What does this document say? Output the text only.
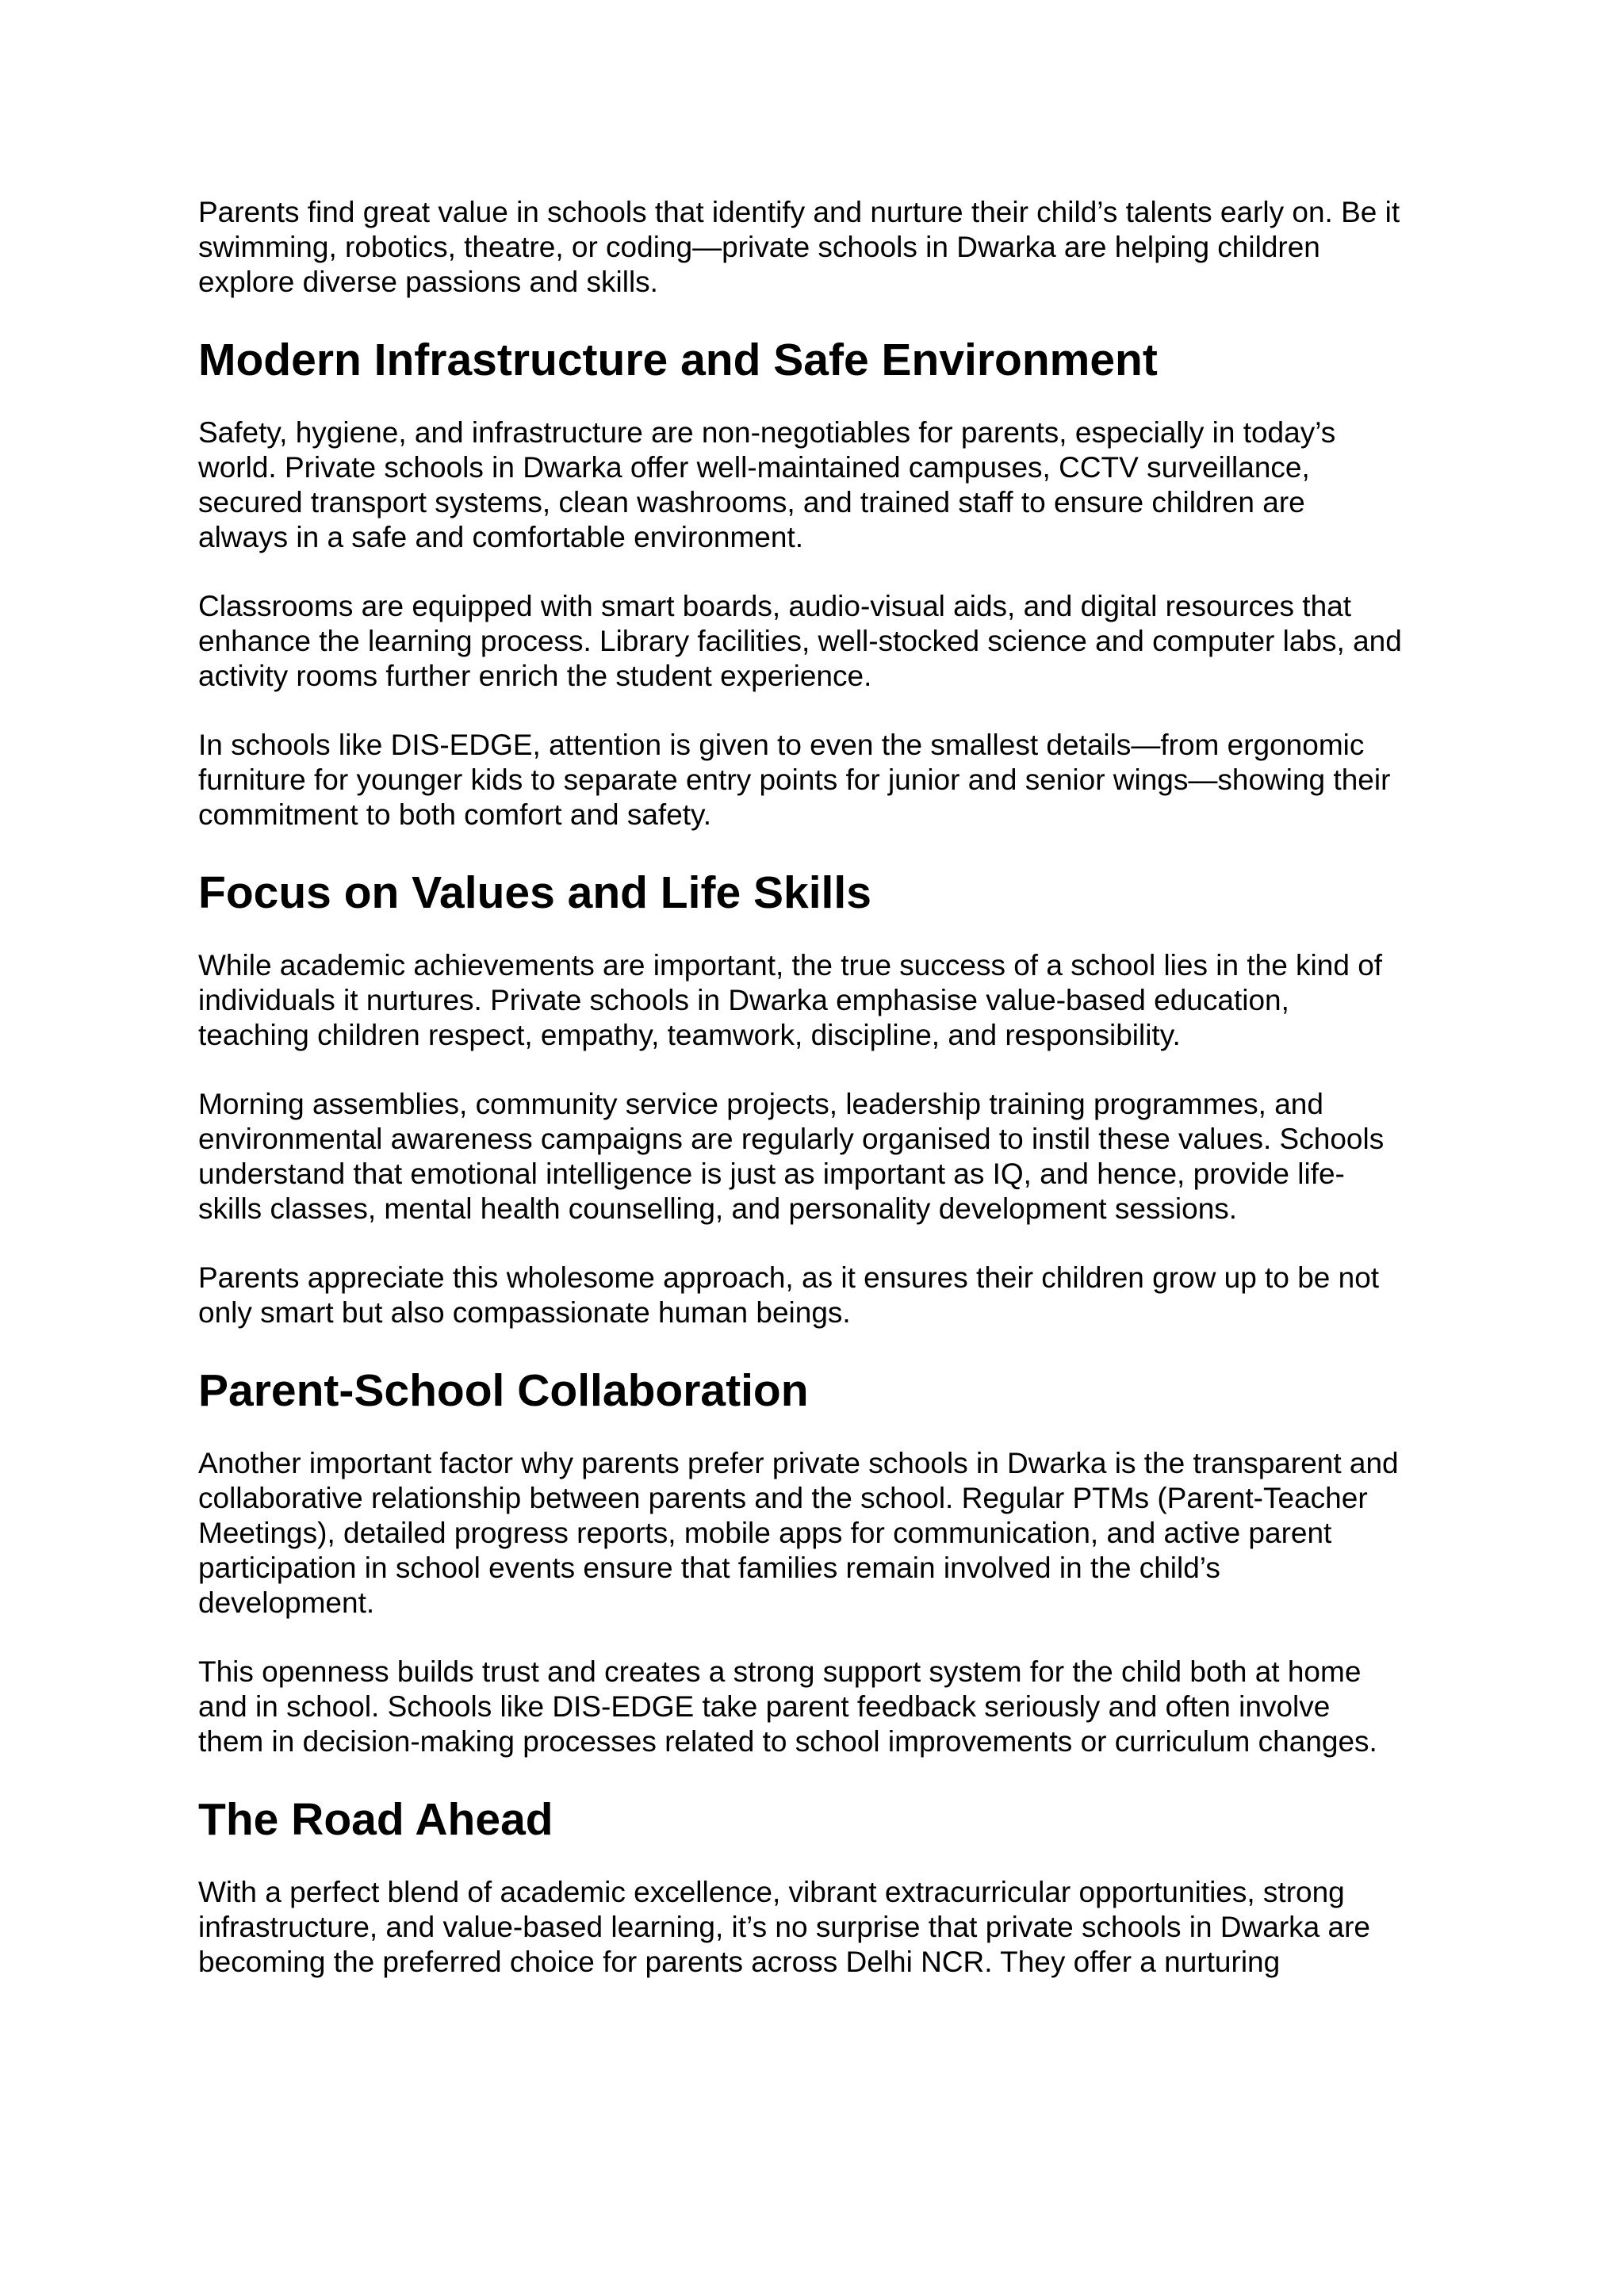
Parents find great value in schools that identify and nurture their child’s talents early on. Be it
swimming, robotics, theatre, or coding—private schools in Dwarka are helping children
explore diverse passions and skills.

Modern Infrastructure and Safe Environment

Safety, hygiene, and infrastructure are non-negotiables for parents, especially in today’s
world. Private schools in Dwarka offer well-maintained campuses, CCTV surveillance,
secured transport systems, clean washrooms, and trained staff to ensure children are
always in a safe and comfortable environment.

Classrooms are equipped with smart boards, audio-visual aids, and digital resources that
enhance the learning process. Library facilities, well-stocked science and computer labs, and
activity rooms further enrich the student experience.

In schools like DIS-EDGE, attention is given to even the smallest details—from ergonomic
furniture for younger kids to separate entry points for junior and senior wings—showing their
commitment to both comfort and safety.

Focus on Values and Life Skills

While academic achievements are important, the true success of a school lies in the kind of
individuals it nurtures. Private schools in Dwarka emphasise value-based education,
teaching children respect, empathy, teamwork, discipline, and responsibility.

Morning assemblies, community service projects, leadership training programmes, and
environmental awareness campaigns are regularly organised to instil these values. Schools
understand that emotional intelligence is just as important as IQ, and hence, provide life-
skills classes, mental health counselling, and personality development sessions.

Parents appreciate this wholesome approach, as it ensures their children grow up to be not
only smart but also compassionate human beings.

Parent-School Collaboration

Another important factor why parents prefer private schools in Dwarka is the transparent and
collaborative relationship between parents and the school. Regular PTMs (Parent-Teacher
Meetings), detailed progress reports, mobile apps for communication, and active parent
participation in school events ensure that families remain involved in the child’s
development.

This openness builds trust and creates a strong support system for the child both at home
and in school. Schools like DIS-EDGE take parent feedback seriously and often involve
them in decision-making processes related to school improvements or curriculum changes.

The Road Ahead

With a perfect blend of academic excellence, vibrant extracurricular opportunities, strong
infrastructure, and value-based learning, it’s no surprise that private schools in Dwarka are
becoming the preferred choice for parents across Delhi NCR. They offer a nurturing
